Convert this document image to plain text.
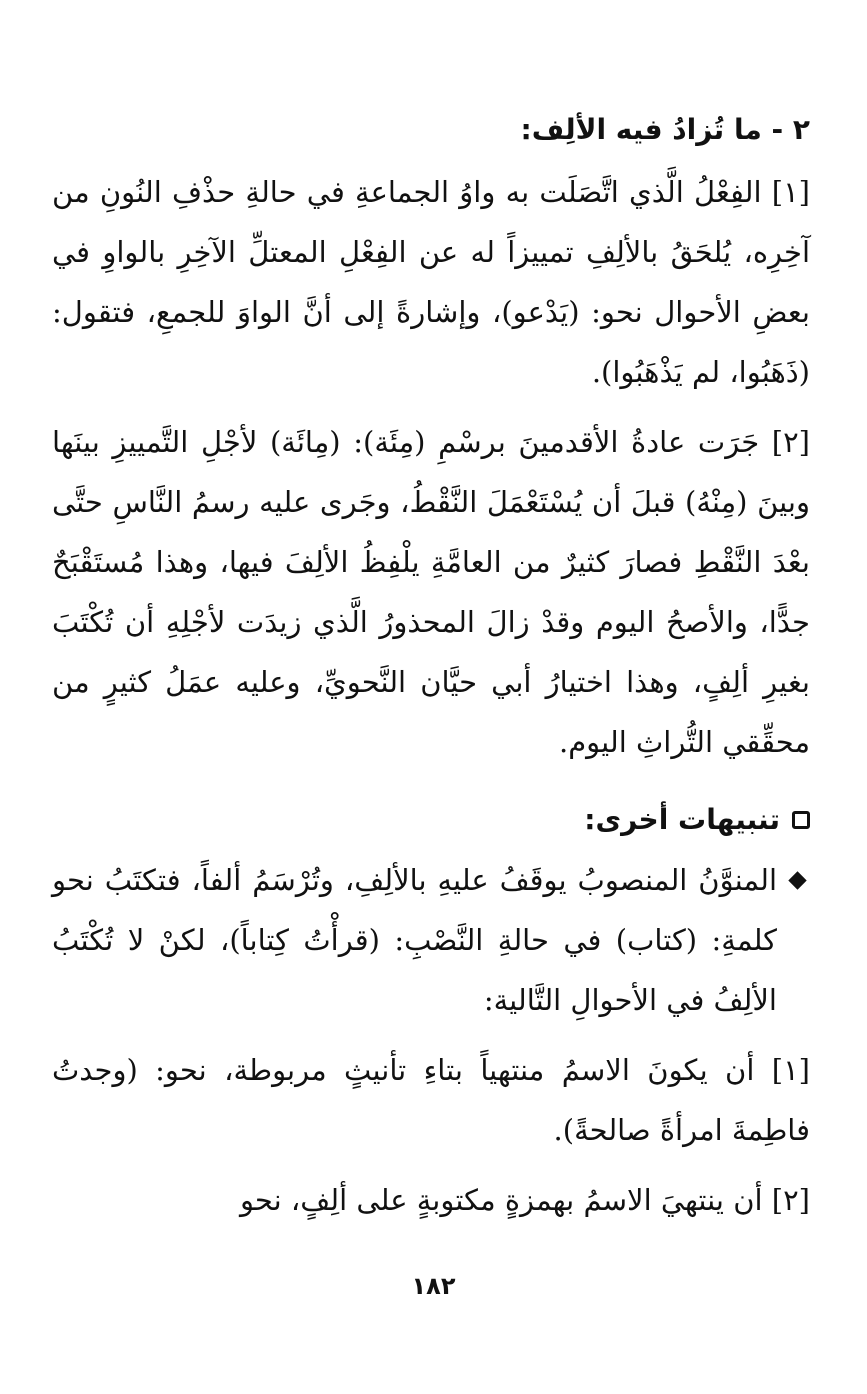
٢ - ما تُزادُ فيه الألِف:

[١] الفِعْلُ الَّذي اتَّصَلَت به واوُ الجماعةِ في حالةِ حذْفِ النُونِ من آخِرِه، يُلحَقُ بالألِفِ تمييزاً له عن الفِعْلِ المعتلِّ الآخِرِ بالواوِ في بعضِ الأحوال نحو: (يَدْعو)، وإشارةً إلى أنَّ الواوَ للجمعِ، فتقول: (ذَهَبُوا، لم يَذْهَبُوا).

[٢] جَرَت عادةُ الأقدمينَ برسْمِ (مِئَة): (مِائَة) لأجْلِ التَّمييزِ بينَها وبينَ (مِنْهُ) قبلَ أن يُسْتَعْمَلَ النَّقْطُ، وجَرى عليه رسمُ النَّاسِ حتَّى بعْدَ النَّقْطِ فصارَ كثيرٌ من العامَّةِ يلْفِظُ الألِفَ فيها، وهذا مُستَقْبَحٌ جدًّا، والأصحُ اليوم وقدْ زالَ المحذورُ الَّذي زيدَت لأجْلِهِ أن تُكْتَبَ بغيرِ ألِفٍ، وهذا اختيارُ أبي حيَّان النَّحويِّ، وعليه عمَلُ كثيرٍ من محقِّقي التُّراثِ اليوم.

تنبيهات أخرى:

المنوَّنُ المنصوبُ يوقَفُ عليهِ بالألِفِ، وتُرْسَمُ ألفاً، فتكتَبُ نحو كلمةِ: (كتاب) في حالةِ النَّصْبِ: (قرأْتُ كِتاباً)، لكنْ لا تُكْتَبُ الألِفُ في الأحوالِ التَّالية:

[١] أن يكونَ الاسمُ منتهياً بتاءِ تأنيثٍ مربوطة، نحو: (وجدتُ فاطِمةَ امرأةً صالحةً).

[٢] أن ينتهيَ الاسمُ بهمزةٍ مكتوبةٍ على ألِفٍ، نحو

١٨٢
